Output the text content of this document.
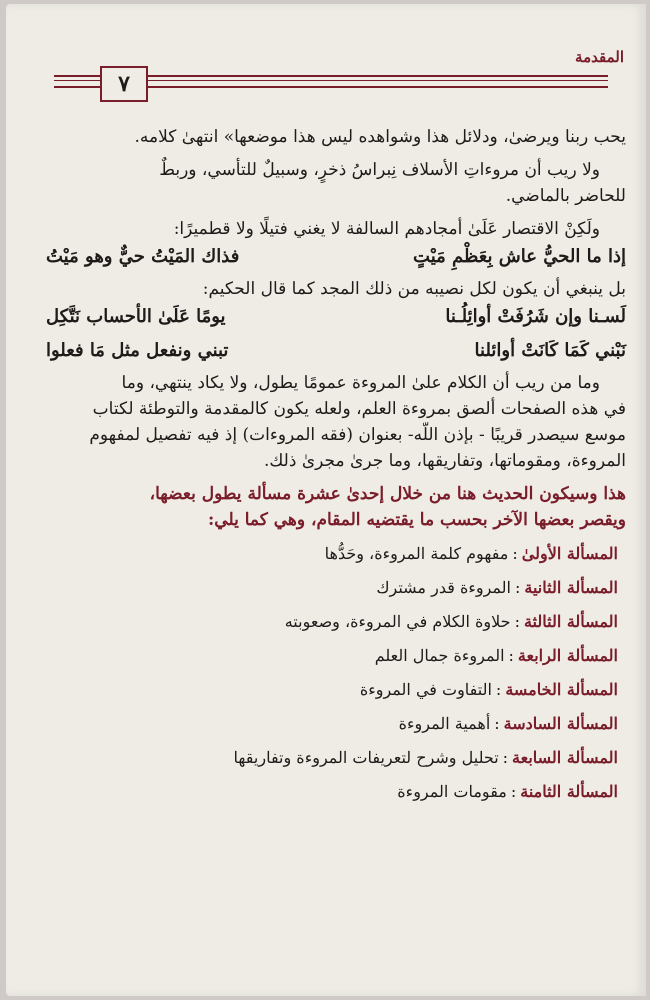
المقدمة
٧

يحب ربنا ويرضىٰ، ودلائل هذا وشواهده ليس هذا موضعها» انتهىٰ كلامه.

ولا ريب أن مروءاتِ الأسلاف نِبراسُ ذخرٍ، وسبيلٌ للتأسي، وربطٌ

للحاضر بالماضي.

ولَكِنْ الاقتصار عَلَىٰ أمجادهم السالفة لا يغني فتيلًا ولا قطميرًا:

إذا ما الحيُّ عاش بِعَظْمِ مَيْتٍ
فذاك المَيْتُ حيٌّ وهو مَيْتُ

بل ينبغي أن يكون لكل نصيبه من ذلك المجد كما قال الحكيم:

لَسـنا وإن شَرُفَتْ أوائِلُـنا
يومًا عَلَىٰ الأحساب نَتَّكِل
نَبْني كَمَا كَانَتْ أوائلنا
تبني ونفعل مثل مَا فعلوا

وما من ريب أن الكلام علىٰ المروءة عمومًا يطول، ولا يكاد ينتهي، وما

في هذه الصفحات ألصق بمروءة العلم، ولعله يكون كالمقدمة والتوطئة لكتاب

موسع سيصدر قريبًا - بإذن اللَّه- بعنوان (فقه المروءات) إذ فيه تفصيل لمفهوم

المروءة، ومقوماتها، وتفاريقها، وما جرىٰ مجرىٰ ذلك.

هذا وسيكون الحديث هنا من خلال إحدىٰ عشرة مسألة يطول بعضها،

ويقصر بعضها الآخر بحسب ما يقتضيه المقام، وهي كما يلي:

المسألة الأولىٰ:مفهوم كلمة المروءة، وحَدُّها

المسألة الثانية:المروءة قدر مشترك

المسألة الثالثة:حلاوة الكلام في المروءة، وصعوبته

المسألة الرابعة:المروءة جمال العلم

المسألة الخامسة:التفاوت في المروءة

المسألة السادسة:أهمية المروءة

المسألة السابعة:تحليل وشرح لتعريفات المروءة وتفاريقها

المسألة الثامنة:مقومات المروءة
